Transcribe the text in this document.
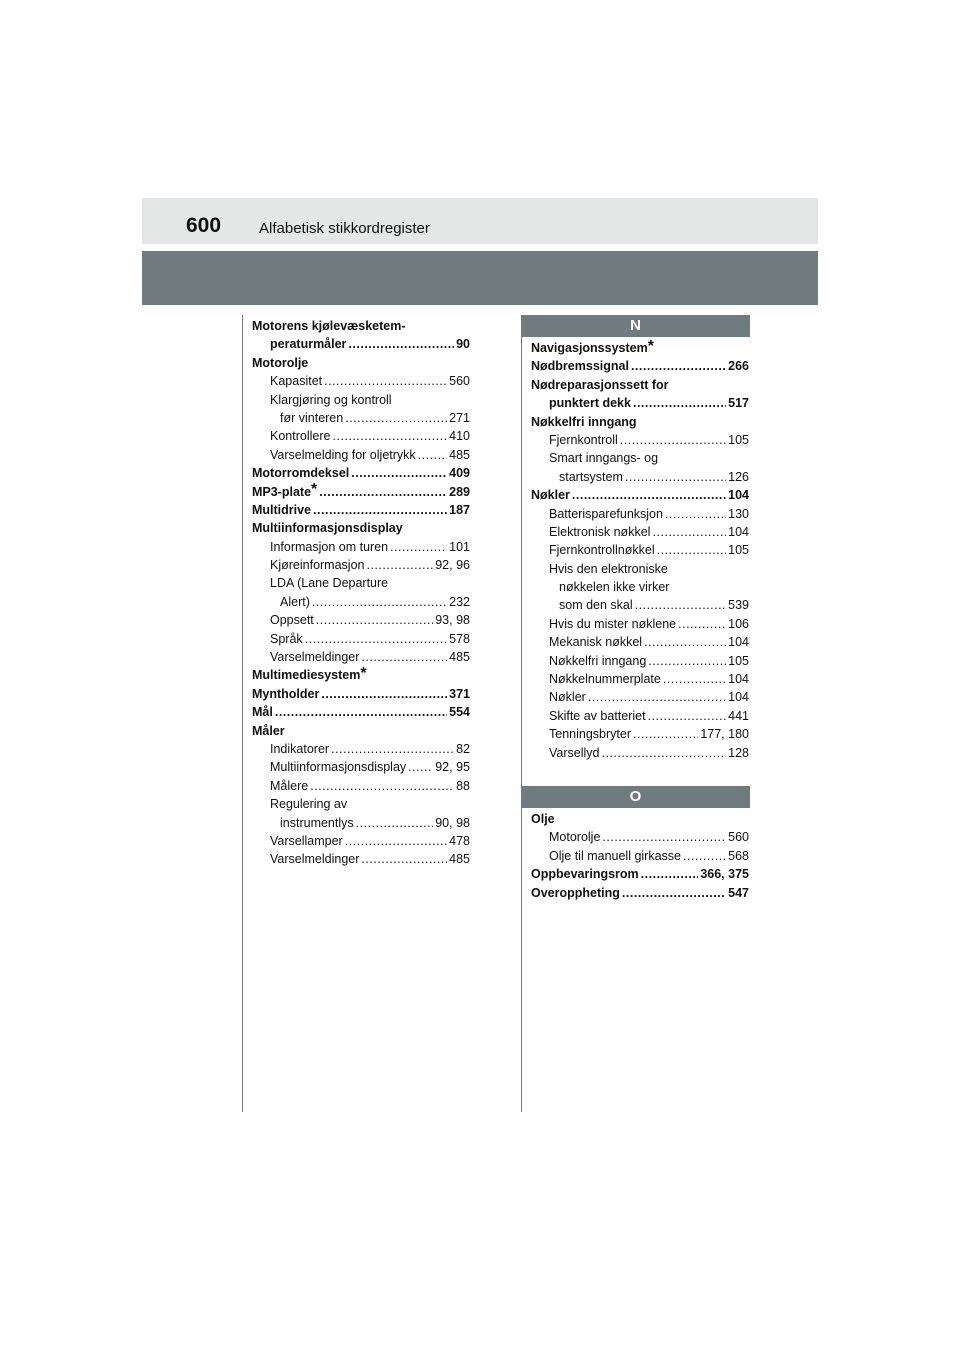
600	Alfabetisk stikkordregister
Motorens kjølevæsketem-
peraturmåler .....	90
Motorolje
Kapasitet .....	560
Klargjøring og kontroll
før vinteren .....	271
Kontrollere .....	410
Varselmelding for oljetrykk .....	485
Motorromdeksel .....	409
MP3-plate* .....	289
Multidrive .....	187
Multiinformasjonsdisplay
Informasjon om turen .....	101
Kjøreinformasjon .....	92, 96
LDA (Lane Departure
Alert) .....	232
Oppsett .....	93, 98
Språk .....	578
Varselmeldinger .....	485
Multimediesystem*
Myntholder .....	371
Mål .....	554
Måler
Indikatorer .....	82
Multiinformasjonsdisplay ..... 92, 95
Målere .....	88
Regulering av
instrumentlys .....	90, 98
Varsellamper .....	478
Varselmeldinger .....	485
N
Navigasjonssystem*
Nødbremssignal .....	266
Nødreparasjonssett for
punktert dekk .....	517
Nøkkelfri inngang
Fjernkontroll .....	105
Smart inngangs- og
startsystem .....	126
Nøkler .....	104
Batterisparefunksjon .....	130
Elektronisk nøkkel .....	104
Fjernkontrollnøkkel .....	105
Hvis den elektroniske
nøkkelen ikke virker
som den skal .....	539
Hvis du mister nøklene .....	106
Mekanisk nøkkel .....	104
Nøkkelfri inngang .....	105
Nøkkelnummerplate .....	104
Nøkler .....	104
Skifte av batteriet .....	441
Tenningsbryter .....	177, 180
Varsellyd .....	128
O
Olje
Motorolje .....	560
Olje til manuell girkasse .....	568
Oppbevaringsrom .....	366, 375
Overoppheting .....	547
